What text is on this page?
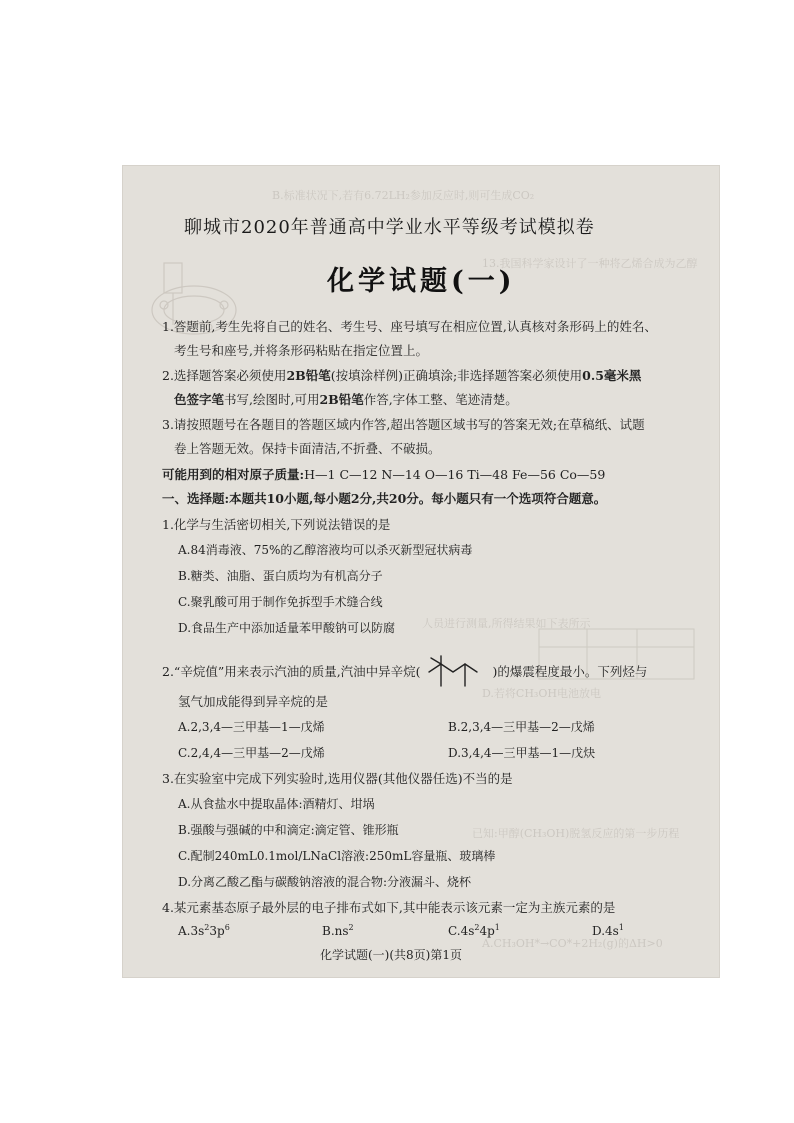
B.标准状况下,若有6.72LH₂参加反应时,则可生成CO₂
13.我国科学家设计了一种将乙烯合成为乙醇
已知:甲醇(CH₃OH)脱氢反应的第一步历程
A.CH₃OH*→CO*+2H₂(g)的ΔH>0
人员进行测量,所得结果如下表所示
D.若将CH₃OH电池放电
聊城市2020年普通高中学业水平等级考试模拟卷
化学试题(一)
1.答题前,考生先将自己的姓名、考生号、座号填写在相应位置,认真核对条形码上的姓名、
考生号和座号,并将条形码粘贴在指定位置上。
2.选择题答案必须使用2B铅笔(按填涂样例)正确填涂;非选择题答案必须使用0.5毫米黑
色签字笔书写,绘图时,可用2B铅笔作答,字体工整、笔迹清楚。
3.请按照题号在各题目的答题区域内作答,超出答题区域书写的答案无效;在草稿纸、试题
卷上答题无效。保持卡面清洁,不折叠、不破损。
可能用到的相对原子质量:H—1 C—12 N—14 O—16 Ti—48 Fe—56 Co—59
一、选择题:本题共10小题,每小题2分,共20分。每小题只有一个选项符合题意。
1.化学与生活密切相关,下列说法错误的是
A.84消毒液、75%的乙醇溶液均可以杀灭新型冠状病毒
B.糖类、油脂、蛋白质均为有机高分子
C.聚乳酸可用于制作免拆型手术缝合线
D.食品生产中添加适量苯甲酸钠可以防腐
2.“辛烷值”用来表示汽油的质量,汽油中异辛烷(	)的爆震程度最小。下列烃与
氢气加成能得到异辛烷的是
A.2,3,4—三甲基—1—戊烯	B.2,3,4—三甲基—2—戊烯
C.2,4,4—三甲基—2—戊烯	D.3,4,4—三甲基—1—戊炔
3.在实验室中完成下列实验时,选用仪器(其他仪器任选)不当的是
A.从食盐水中提取晶体:酒精灯、坩埚
B.强酸与强碱的中和滴定:滴定管、锥形瓶
C.配制240mL0.1mol/LNaCl溶液:250mL容量瓶、玻璃棒
D.分离乙酸乙酯与碳酸钠溶液的混合物:分液漏斗、烧杯
4.某元素基态原子最外层的电子排布式如下,其中能表示该元素一定为主族元素的是
$A.3s^23p^6$	$B.ns^2$	$C.4s^24p^1$	$D.4s^1$
化学试题(一)(共8页)第1页
